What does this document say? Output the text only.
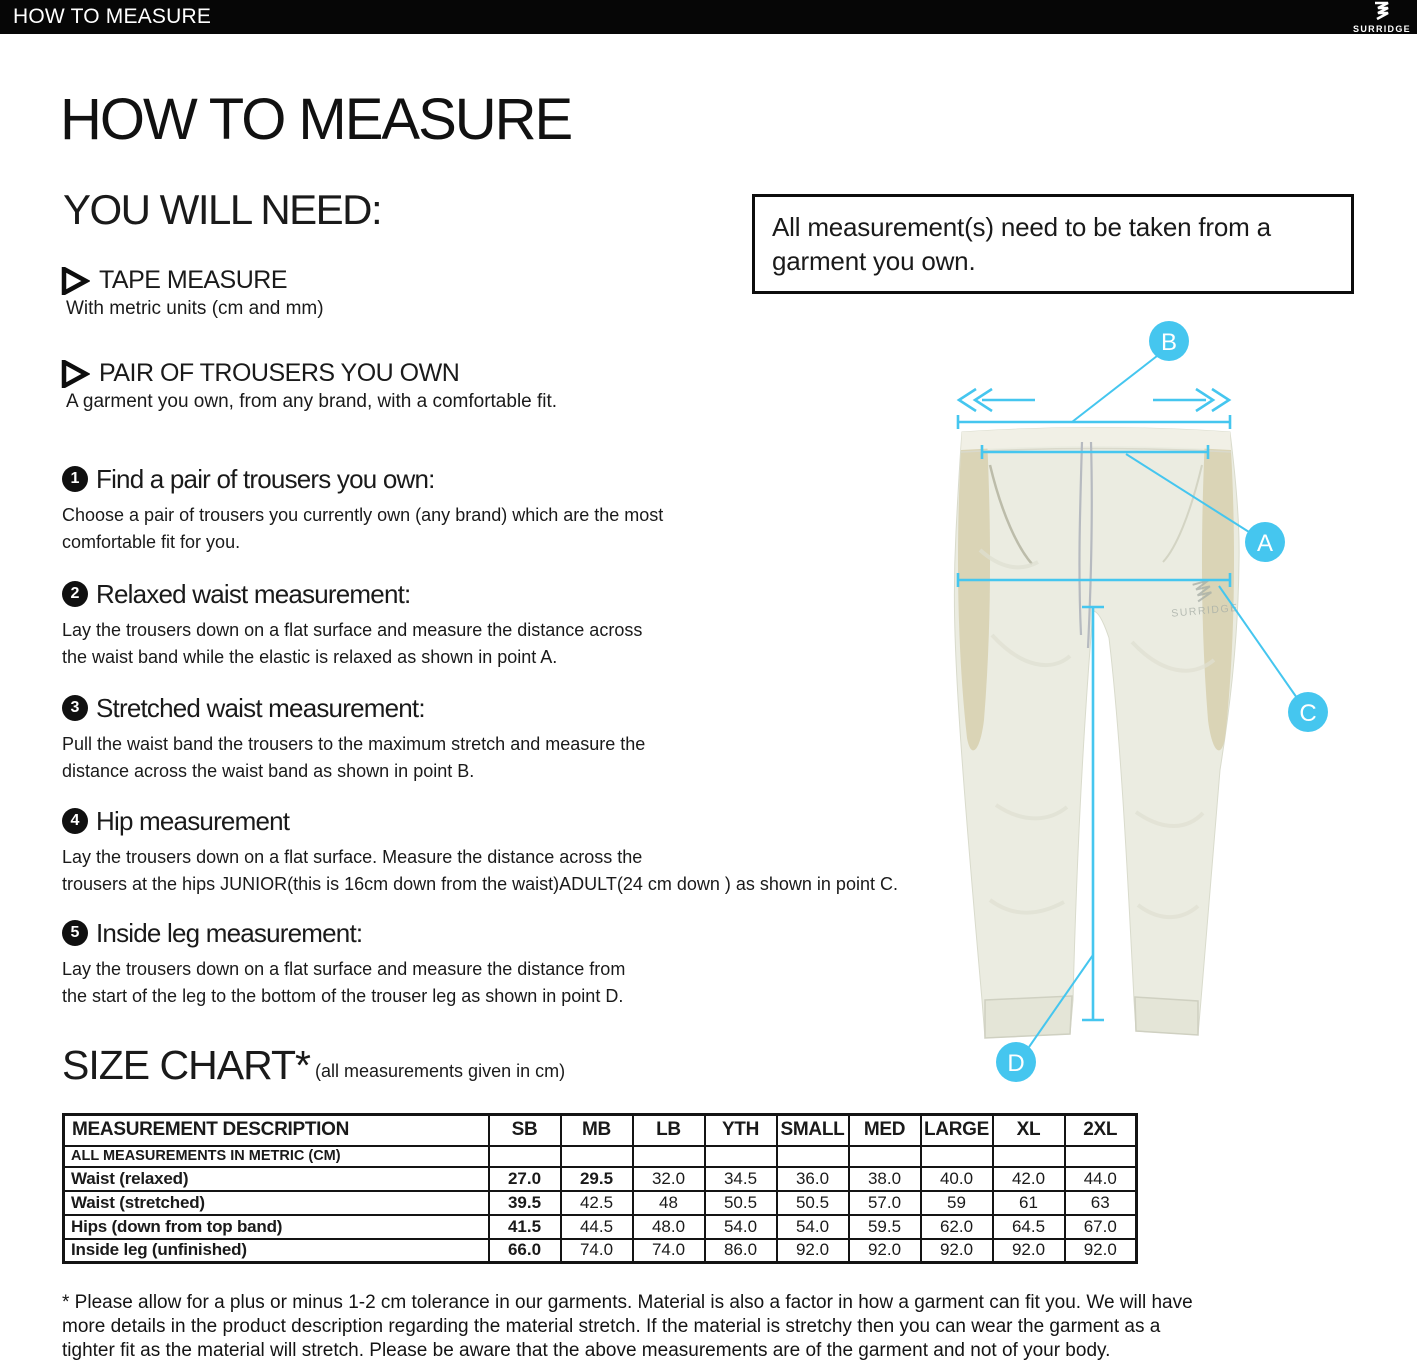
HOW TO MEASURE
SURRIDGE
HOW TO MEASURE
YOU WILL NEED:
TAPE MEASURE
With metric units (cm and mm)
PAIR OF TROUSERS YOU OWN
A garment you own, from any brand, with a comfortable fit.
All measurement(s) need to be taken from a
garment you own.
1 Find a pair of trousers you own:
Choose a pair of trousers you currently own (any brand) which are the most
comfortable fit for you.
2 Relaxed waist measurement:
Lay the trousers down on a flat surface and measure the distance across
the waist band while the elastic is relaxed as shown in point A.
3 Stretched waist measurement:
Pull the waist band the trousers to the maximum stretch and measure the
distance across the waist band as shown in point B.
4 Hip measurement
Lay the trousers down on a flat surface. Measure the distance across the
trousers at the hips JUNIOR(this is 16cm down from the waist)ADULT(24 cm down ) as shown in point C.
5 Inside leg measurement:
Lay the trousers down on a flat surface and measure the distance from
the start of the leg to the bottom of the trouser leg as shown in point D.
SURRIDGE
B
A
C
D
SIZE CHART* (all measurements given in cm)
MEASUREMENT DESCRIPTION	SB	MB	LB	YTH	SMALL	MED	LARGE	XL	2XL
ALL MEASUREMENTS IN METRIC (CM)									
Waist (relaxed)	27.0	29.5	32.0	34.5	36.0	38.0	40.0	42.0	44.0
Waist (stretched)	39.5	42.5	48	50.5	50.5	57.0	59	61	63
Hips (down from top band)	41.5	44.5	48.0	54.0	54.0	59.5	62.0	64.5	67.0
Inside leg (unfinished)	66.0	74.0	74.0	86.0	92.0	92.0	92.0	92.0	92.0
* Please allow for a plus or minus 1-2 cm tolerance in our garments. Material is also a factor in how a garment can fit you. We will have
more details in the product description regarding the material stretch. If the material is stretchy then you can wear the garment as a
tighter fit as the material will stretch. Please be aware that the above measurements are of the garment and not of your body.
